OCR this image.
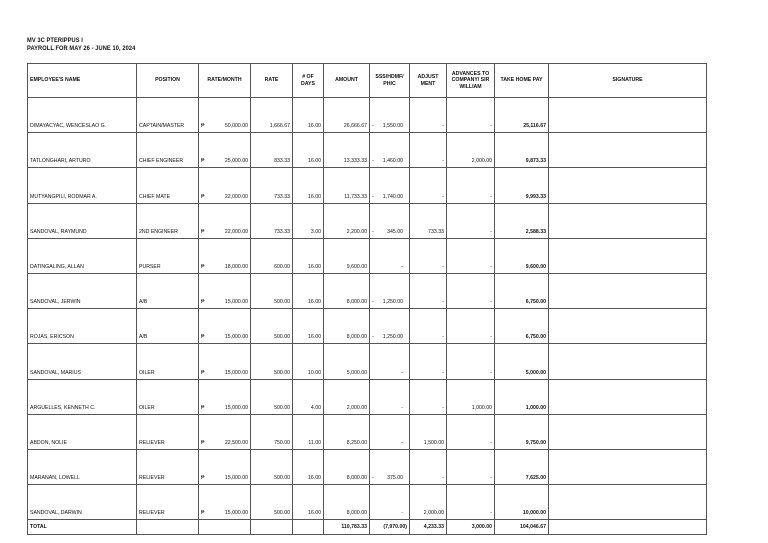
MV 3C PTERIPPUS I
PAYROLL FOR MAY 26 - JUNE 10, 2024
EMPLOYEE'S NAME	POSITION	RATE/MONTH	RATE	# OF DAYS	AMOUNT	SSS/HDMF/ PHIC	ADJUST MENT	ADVANCES TO COMPANY/ SIR WILLIAM	TAKE HOME PAY	SIGNATURE
DIMAYACYAC, WENCESLAO G.	CAPTAIN/MASTER	₱ 50,000.00	1,666.67	16.00	26,666.67	- 1,550.00	-	-	25,116.67	
TATLONGHARI, ARTURO	CHIEF ENGINEER	₱ 25,000.00	833.33	16.00	13,333.33	- 1,460.00	-	2,000.00	9,873.33	
MUTYANGPILI, RODMAR A.	CHIEF MATE	₱ 22,000.00	733.33	16.00	11,733.33	- 1,740.00	-	-	9,993.33	
SANDOVAL, RAYMUND	2ND ENGINEER	₱ 22,000.00	733.33	3.00	2,200.00	- 345.00	733.33	-	2,588.33	
DATINGALING, ALLAN	PURSER	₱ 18,000.00	600.00	16.00	9,600.00	-	-	-	9,600.00	
SANDOVAL, JERWIN	A/B	₱ 15,000.00	500.00	16.00	8,000.00	- 1,250.00	-	-	6,750.00	
ROJAS, ERICSON	A/B	₱ 15,000.00	500.00	16.00	8,000.00	- 1,250.00	-	-	6,750.00	
SANDOVAL, MARIUS	OILER	₱ 15,000.00	500.00	10.00	5,000.00	-	-	-	5,000.00	
ARGUELLES, KENNETH C.	OILER	₱ 15,000.00	500.00	4.00	2,000.00	-	-	1,000.00	1,000.00	
ABDON, NOLIE	RELIEVER	₱ 22,500.00	750.00	11.00	8,250.00	-	1,500.00	-	9,750.00	
MARANAN, LOWELL	RELIEVER	₱ 15,000.00	500.00	16.00	8,000.00	- 375.00	-	-	7,625.00	
SANDOVAL, DARWIN	RELIEVER	₱ 15,000.00	500.00	16.00	8,000.00	-	2,000.00	-	10,000.00	
TOTAL					110,783.33	(7,970.00)	4,233.33	3,000.00	104,046.67	
